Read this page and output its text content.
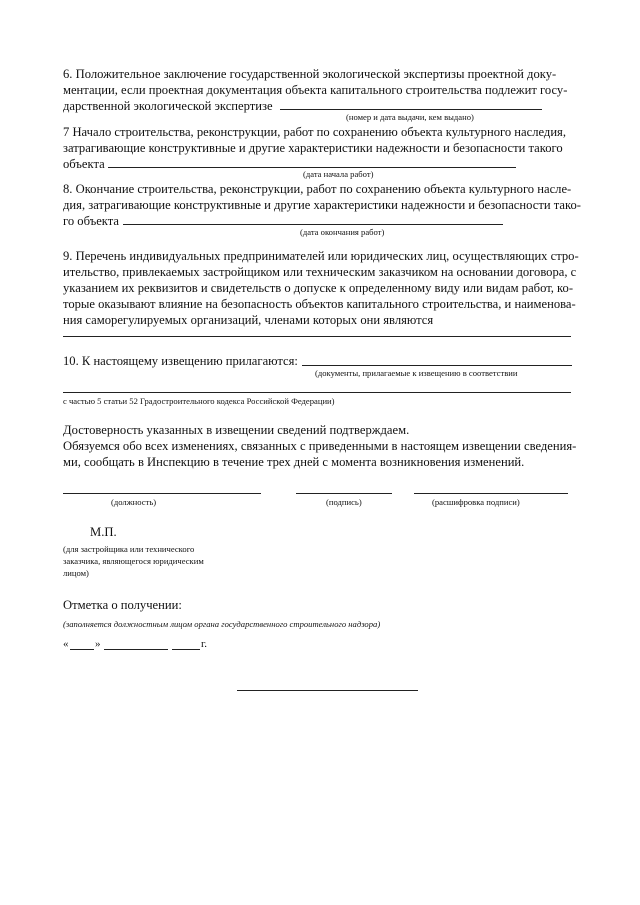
6. Положительное заключение государственной экологической экспертизы проектной доку-
ментации, если проектная документация объекта капитального строительства подлежит госу-
дарственной экологической экспертизе
(номер и дата выдачи, кем выдано)
7 Начало строительства, реконструкции, работ по сохранению объекта культурного наследия,
затрагивающие конструктивные и другие характеристики надежности и безопасности такого
объекта
(дата начала работ)
8. Окончание строительства, реконструкции, работ по сохранению объекта культурного насле-
дия, затрагивающие конструктивные и другие характеристики надежности и безопасности тако-
го объекта
(дата окончания работ)
9. Перечень индивидуальных предпринимателей или юридических лиц, осуществляющих стро-
ительство, привлекаемых застройщиком или техническим заказчиком на основании договора, с
указанием их реквизитов и свидетельств о допуске к определенному виду или видам работ, ко-
торые оказывают влияние на безопасность объектов капитального строительства, и наименова-
ния саморегулируемых организаций, членами которых они являются
10. К настоящему извещению прилагаются:
(документы, прилагаемые к извещению в соответствии
с частью 5 статьи 52 Градостроительного кодекса Российской Федерации)
Достоверность указанных в извещении сведений подтверждаем.
Обязуемся обо всех изменениях, связанных с приведенными в настоящем извещении сведения-
ми, сообщать в Инспекцию в течение трех дней с момента возникновения изменений.
(должность)	(подпись)	(расшифровка подписи)
М.П.
(для застройщика или технического
заказчика, являющегося юридическим
лицом)
Отметка о получении:
(заполняется должностным лицом органа государственного строительного надзора)
« »	г.
